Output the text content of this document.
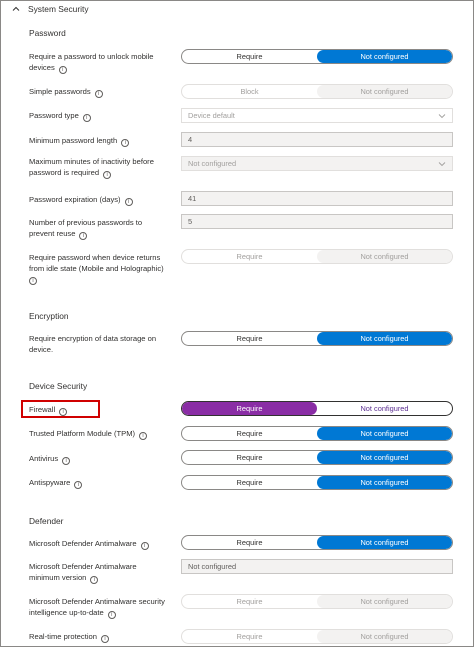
System Security
Password
Require a password to unlock mobile
devices i
Require	Not configured
Simple passwords i	Block	Not configured
Password type i	Device default
Minimum password length i	4
Maximum minutes of inactivity before
password is required i
Not configured
Password expiration (days) i	41
Number of previous passwords to
prevent reuse i
5
Require password when device returns
from idle state (Mobile and Holographic)
i
Require	Not configured
Encryption
Require encryption of data storage on
device.
Require	Not configured
Device Security
Firewall i	Require	Not configured
Trusted Platform Module (TPM) i	Require	Not configured
Antivirus i	Require	Not configured
Antispyware i	Require	Not configured
Defender
Microsoft Defender Antimalware i	Require	Not configured
Microsoft Defender Antimalware
minimum version i
Not configured
Microsoft Defender Antimalware security
intelligence up-to-date i
Require	Not configured
Real-time protection i	Require	Not configured
